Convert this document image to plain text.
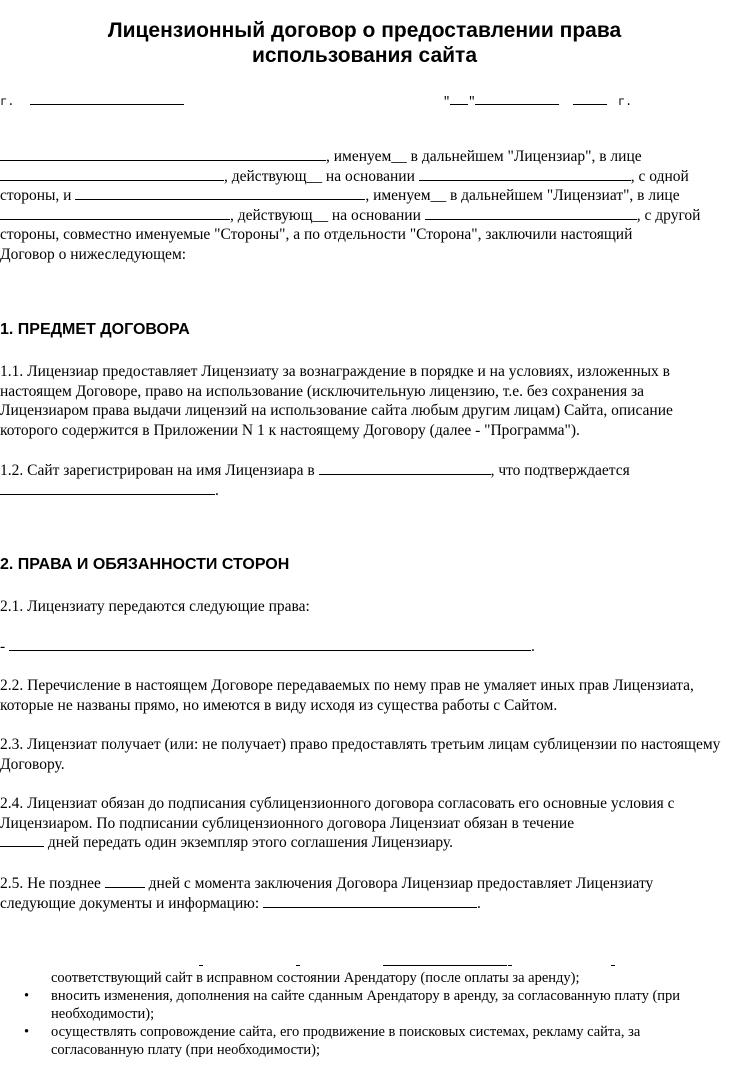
Лицензионный договор о предоставлении права
использования сайта
г.	" "	г.

, именуем__ в дальнейшем "Лицензиар", в лице

, действующ__ на основании	, с одной

стороны, и	, именуем__ в дальнейшем "Лицензиат", в лице

, действующ__ на основании	, с другой

стороны, совместно именуемые "Стороны", а по отдельности "Сторона", заключили настоящий

Договор о нижеследующем:

1. ПРЕДМЕТ ДОГОВОРА

1.1. Лицензиар предоставляет Лицензиату за вознаграждение в порядке и на условиях, изложенных в настоящем Договоре, право на использование (исключительную лицензию, т.е. без сохранения за Лицензиаром права выдачи лицензий на использование сайта любым другим лицам) Сайта, описание которого содержится в Приложении N 1 к настоящему Договору (далее - "Программа").

1.2. Сайт зарегистрирован на имя Лицензиара в	, что подтверждается
.
2. ПРАВА И ОБЯЗАННОСТИ СТОРОН

2.1. Лицензиату передаются следующие права:

-	.

2.2. Перечисление в настоящем Договоре передаваемых по нему прав не умаляет иных прав Лицензиата, которые не названы прямо, но имеются в виду исходя из существа работы с Сайтом.

2.3. Лицензиат получает (или: не получает) право предоставлять третьим лицам сублицензии по настоящему Договору.

2.4. Лицензиат обязан до подписания сублицензионного договора согласовать его основные условия с Лицензиаром. По подписании сублицензионного договора Лицензиат обязан в течение
дней передать один экземпляр этого соглашения Лицензиару.
2.5. Не позднее	дней с момента заключения Договора Лицензиар предоставляет Лицензиату следующие документы и информацию:	.

соответствующий сайт в исправном состоянии Арендатору (после оплаты за аренду);

• вносить изменения, дополнения на сайте сданным Арендатору в аренду, за согласованную плату (при необходимости);
• осуществлять сопровождение сайта, его продвижение в поисковых системах, рекламу сайта, за согласованную плату (при необходимости);
